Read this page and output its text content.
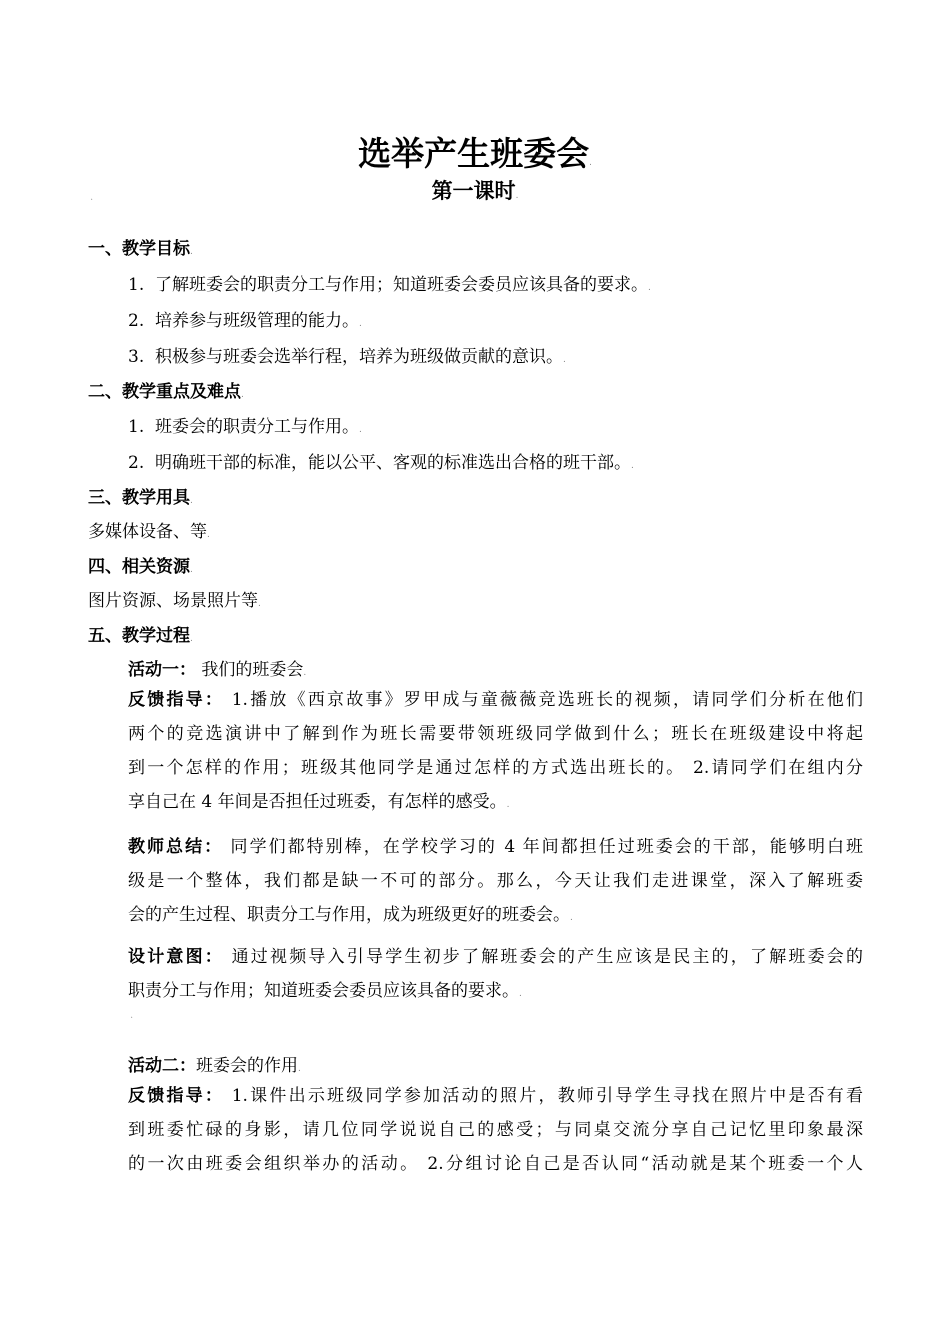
选举产生班委会.
第一课时.
.
一、教学目标.
1. 了解班委会的职责分工与作用；知道班委会委员应该具备的要求。.
2. 培养参与班级管理的能力。.
3. 积极参与班委会选举行程，培养为班级做贡献的意识。.
二、教学重点及难点.
1. 班委会的职责分工与作用。.
2. 明确班干部的标准，能以公平、客观的标准选出合格的班干部。.
三、教学用具.
多媒体设备、等.
四、相关资源.
图片资源、场景照片等.
五、教学过程.
活动一： 我们的班委会.
反馈指导： 1.播放《西京故事》罗甲成与童薇薇竞选班长的视频，请同学们分析在他们
两个的竞选演讲中了解到作为班长需要带领班级同学做到什么；班长在班级建设中将起
到一个怎样的作用；班级其他同学是通过怎样的方式选出班长的。 2.请同学们在组内分
享自己在 4 年间是否担任过班委，有怎样的感受。.
教师总结： 同学们都特别棒，在学校学习的 4 年间都担任过班委会的干部，能够明白班
级是一个整体，我们都是缺一不可的部分。那么，今天让我们走进课堂，深入了解班委
会的产生过程、职责分工与作用，成为班级更好的班委会。.
设计意图： 通过视频导入引导学生初步了解班委会的产生应该是民主的，了解班委会的
职责分工与作用；知道班委会委员应该具备的要求。.
.
活动二：班委会的作用.
反馈指导： 1.课件出示班级同学参加活动的照片，教师引导学生寻找在照片中是否有看
到班委忙碌的身影，请几位同学说说自己的感受；与同桌交流分享自己记忆里印象最深
的一次由班委会组织举办的活动。 2.分组讨论自己是否认同“活动就是某个班委一个人
